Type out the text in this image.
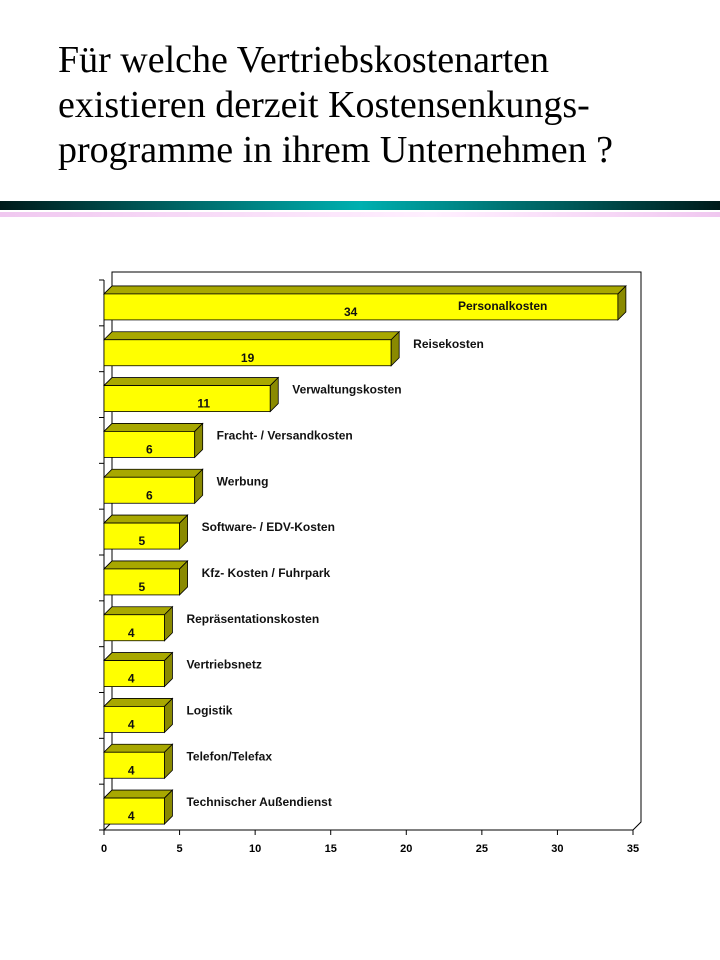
Für welche Vertriebskostenarten
existieren derzeit Kostensenkungs-
programme in ihrem Unternehmen ?
0	5	10	15	20	25	30	35
34	Personalkosten
19
Reisekosten
11
Verwaltungskosten
6
Fracht- / Versandkosten
6
Werbung
5
Software- / EDV-Kosten
5
Kfz- Kosten / Fuhrpark
4
Repräsentationskosten
4
Vertriebsnetz
4
Logistik
4
Telefon/Telefax
4
Technischer Außendienst
